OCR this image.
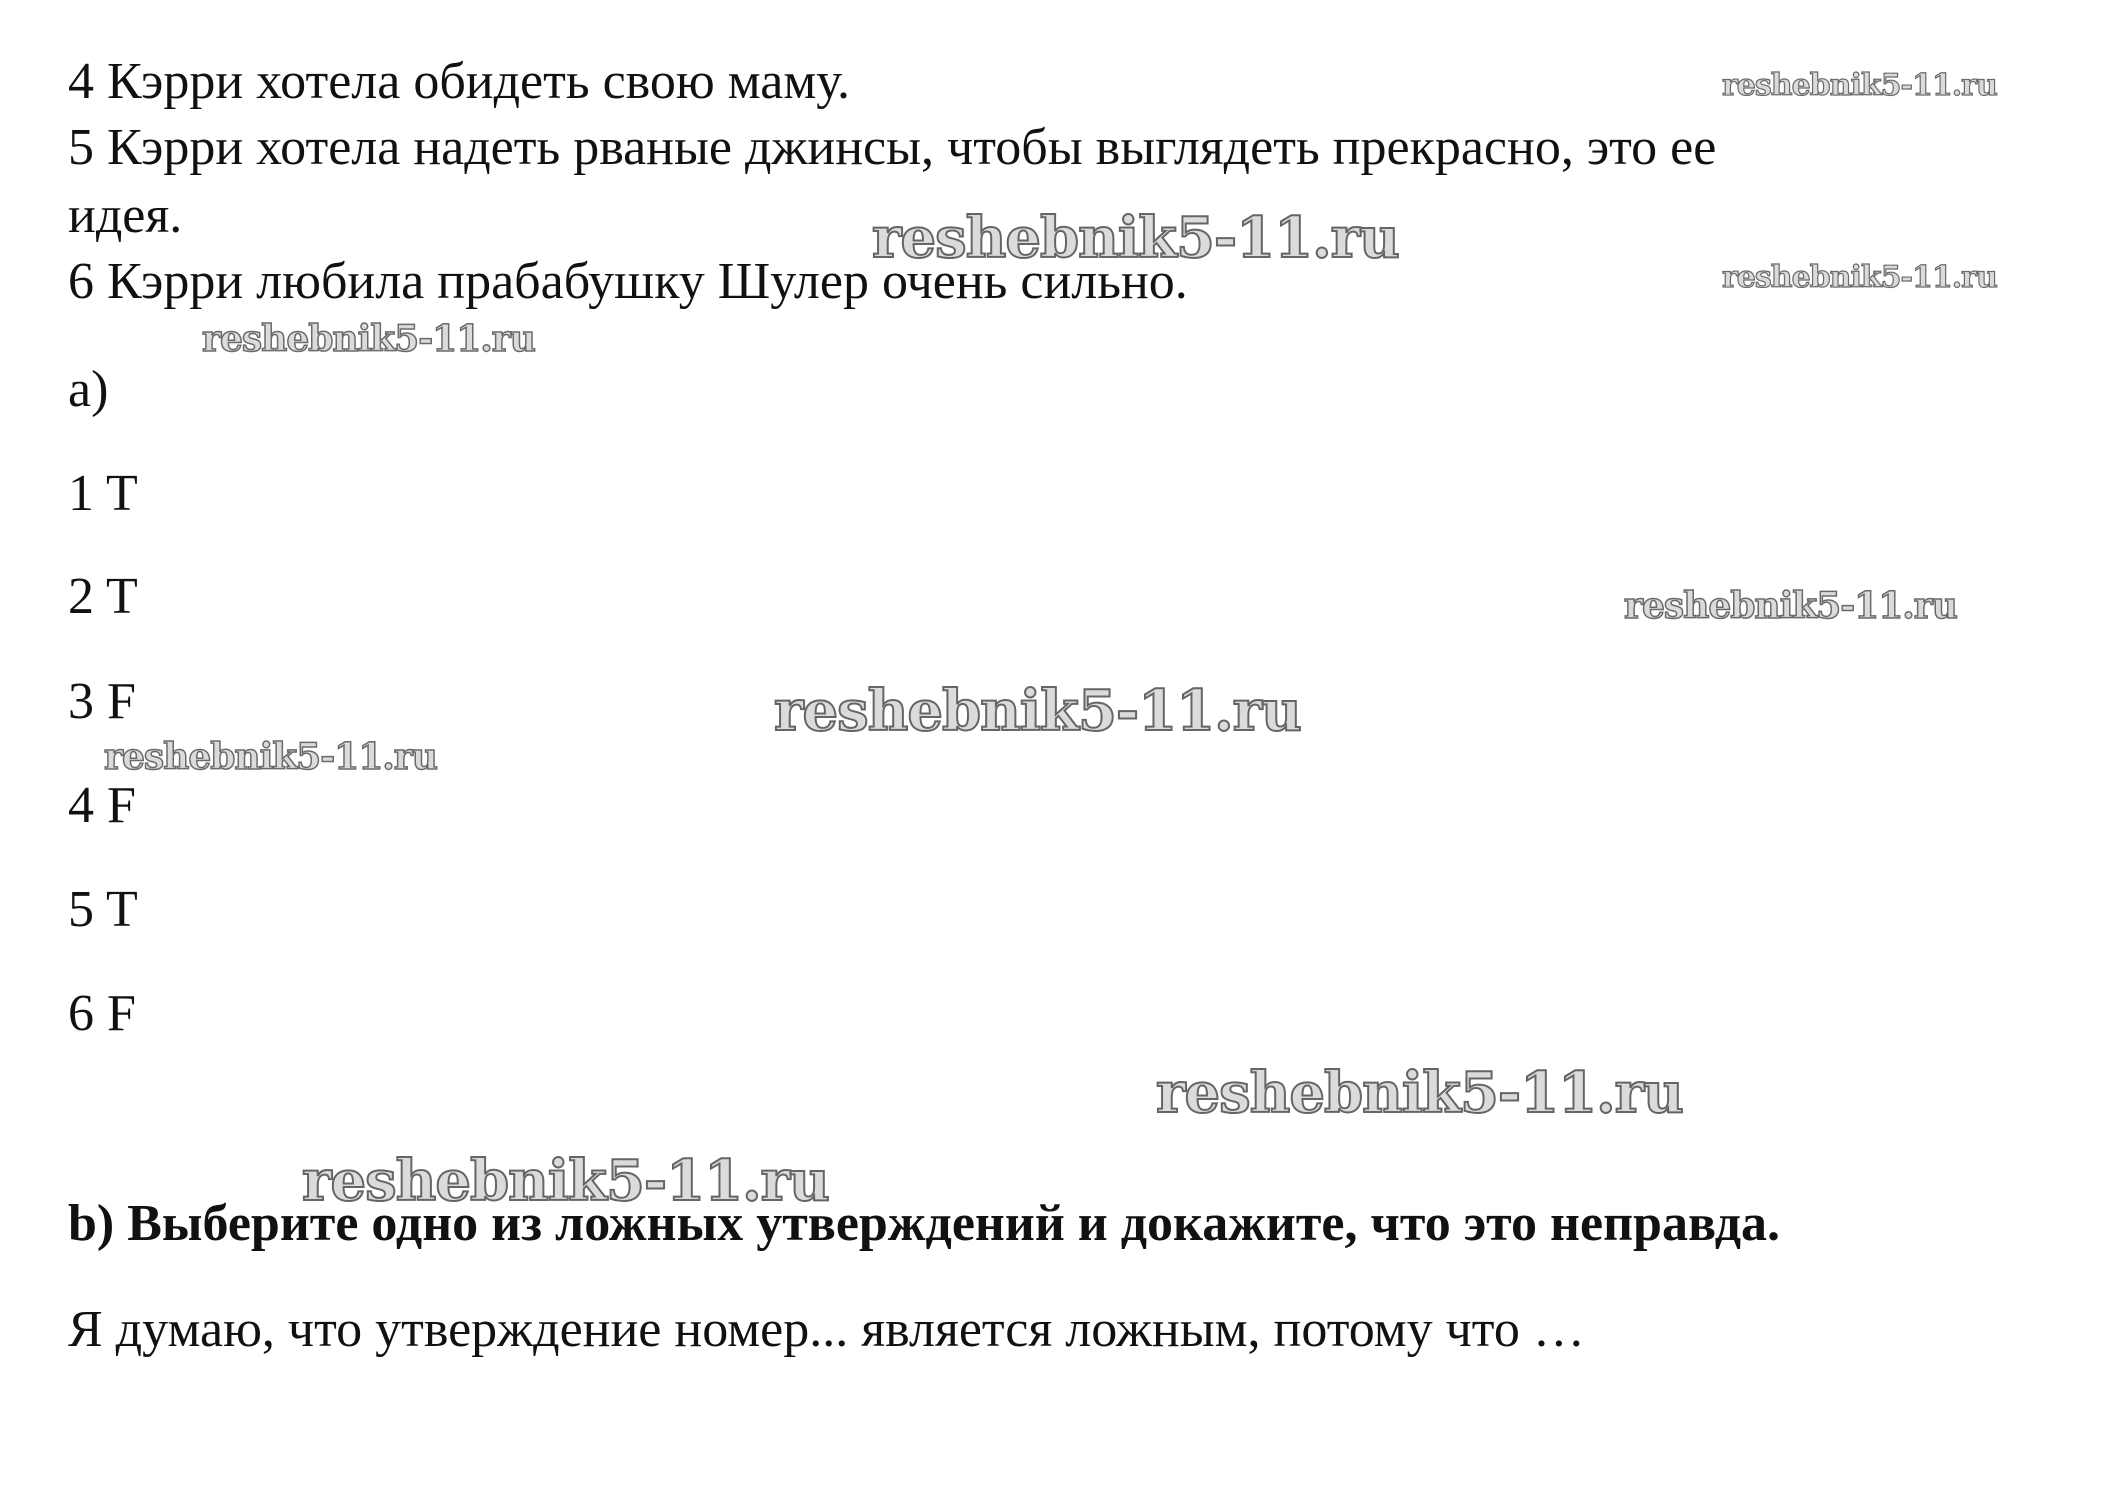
4 Кэрри хотела обидеть свою маму.
5 Кэрри хотела надеть рваные джинсы, чтобы выглядеть прекрасно, это ее
идея.
6 Кэрри любила прабабушку Шулер очень сильно.
a)
1 T
2 T
3 F
4 F
5 T
6 F
b) Выберите одно из ложных утверждений и докажите, что это неправда.
Я думаю, что утверждение номер... является ложным, потому что …
reshebnik5-11.ru
reshebnik5-11.ru
reshebnik5-11.ru
reshebnik5-11.ru
reshebnik5-11.ru
reshebnik5-11.ru
reshebnik5-11.ru
reshebnik5-11.ru
reshebnik5-11.ru
